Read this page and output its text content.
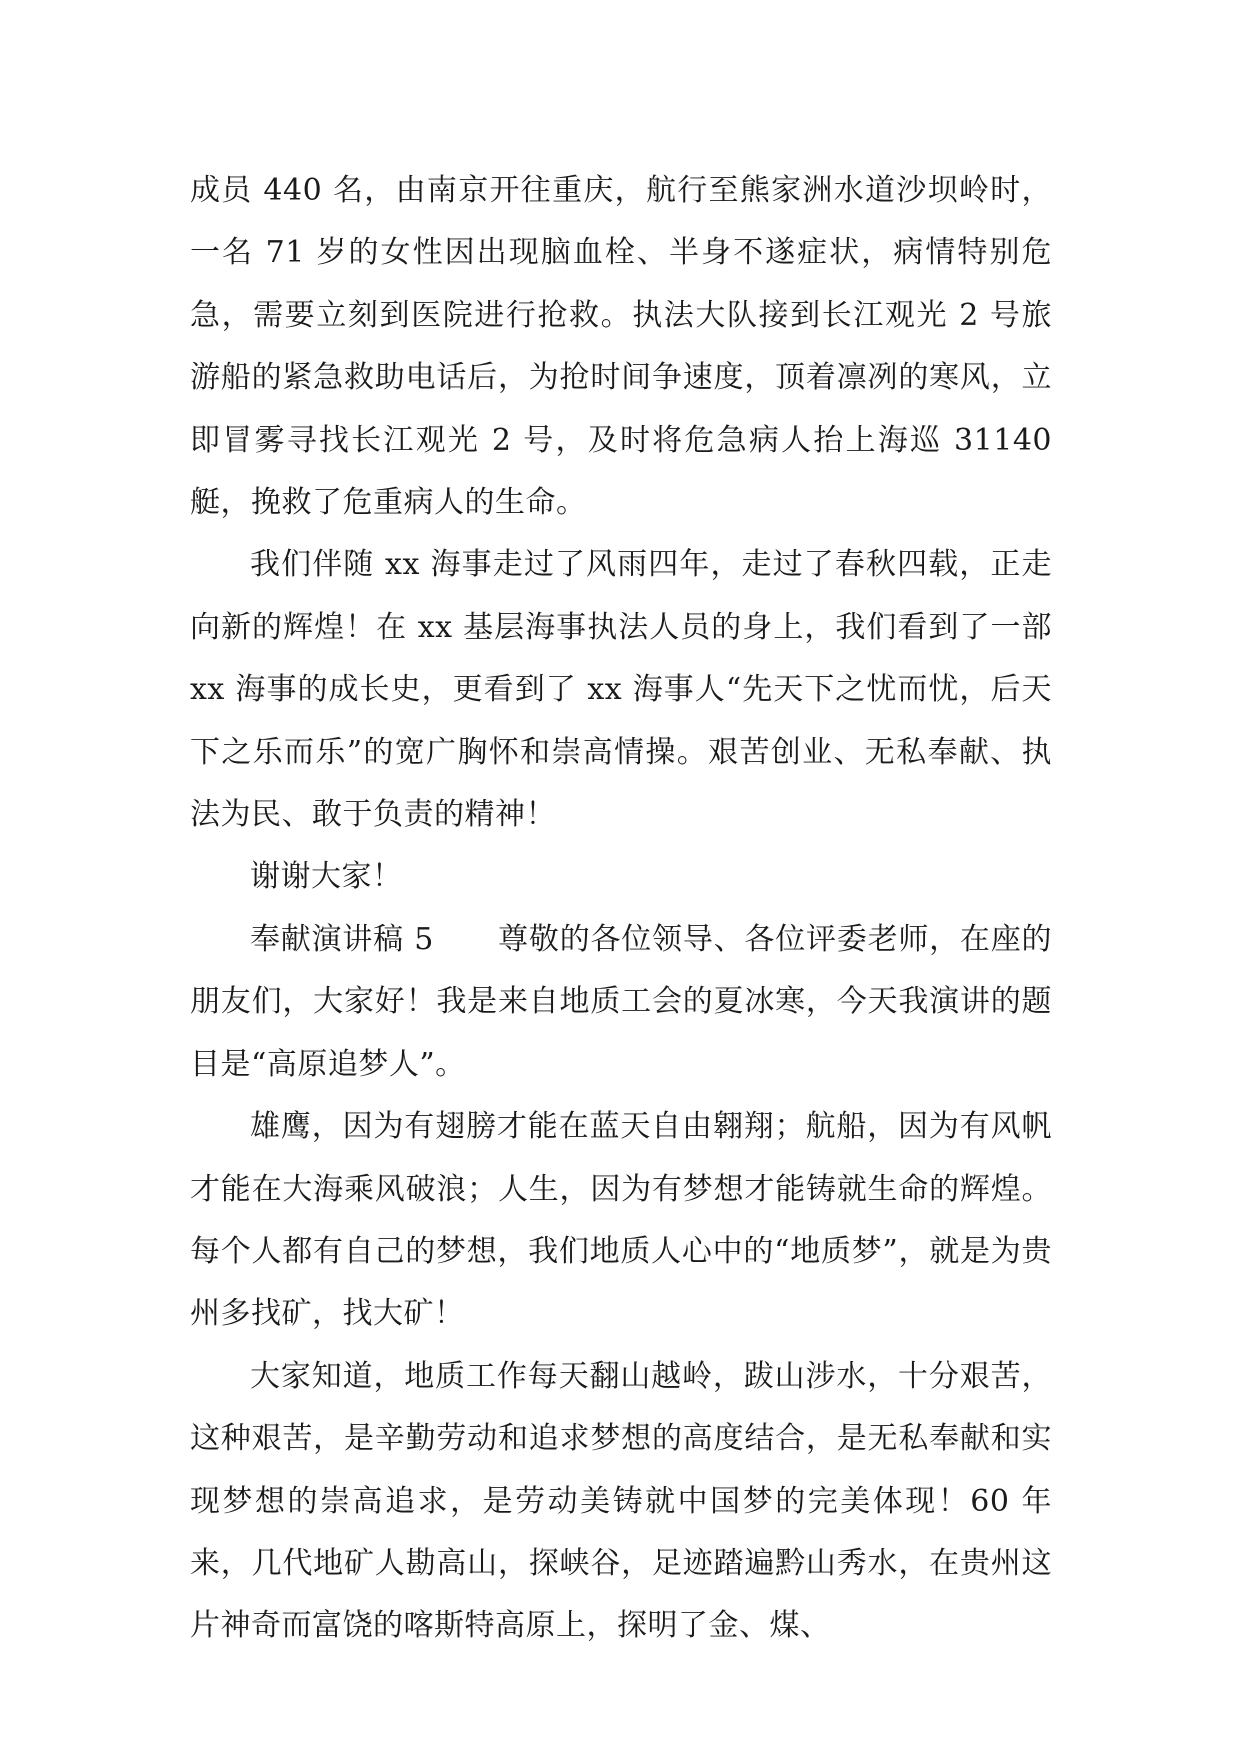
成员 440 名，由南京开往重庆，航行至熊家洲水道沙坝岭时，一名 71 岁的女性因出现脑血栓、半身不遂症状，病情特别危急，需要立刻到医院进行抢救。执法大队接到长江观光 2 号旅游船的紧急救助电话后，为抢时间争速度，顶着凛冽的寒风，立即冒雾寻找长江观光 2 号，及时将危急病人抬上海巡 31140 艇，挽救了危重病人的生命。

我们伴随 xx 海事走过了风雨四年，走过了春秋四载，正走向新的辉煌！在 xx 基层海事执法人员的身上，我们看到了一部 xx 海事的成长史，更看到了 xx 海事人“先天下之忧而忧，后天下之乐而乐”的宽广胸怀和崇高情操。艰苦创业、无私奉献、执法为民、敢于负责的精神！

谢谢大家！

奉献演讲稿 5 尊敬的各位领导、各位评委老师，在座的朋友们，大家好！我是来自地质工会的夏冰寒，今天我演讲的题目是“高原追梦人”。

雄鹰，因为有翅膀才能在蓝天自由翱翔；航船，因为有风帆才能在大海乘风破浪；人生，因为有梦想才能铸就生命的辉煌。 每个人都有自己的梦想，我们地质人心中的“地质梦”，就是为贵州多找矿，找大矿！

大家知道，地质工作每天翻山越岭，跋山涉水，十分艰苦，这种艰苦，是辛勤劳动和追求梦想的高度结合，是无私奉献和实现梦想的崇高追求，是劳动美铸就中国梦的完美体现！60 年来，几代地矿人勘高山，探峡谷，足迹踏遍黔山秀水，在贵州这片神奇而富饶的喀斯特高原上，探明了金、煤、
